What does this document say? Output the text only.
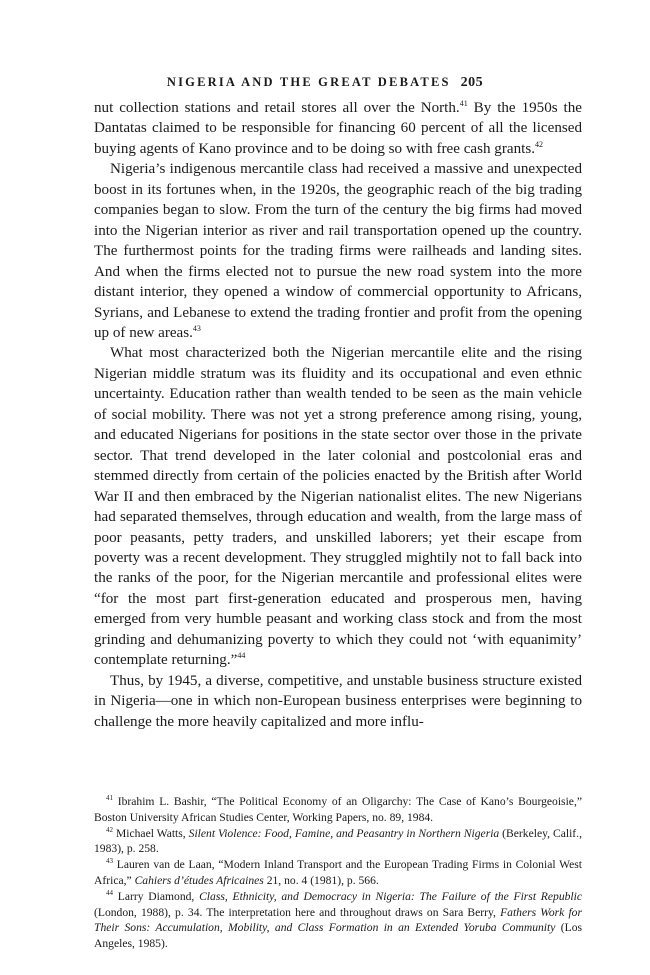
NIGERIA AND THE GREAT DEBATES 205

nut collection stations and retail stores all over the North.$^{41}$ By the 1950s the Dantatas claimed to be responsible for financing 60 percent of all the licensed buying agents of Kano province and to be doing so with free cash grants.$^{42}$

Nigeria’s indigenous mercantile class had received a massive and unexpected boost in its fortunes when, in the 1920s, the geographic reach of the big trading companies began to slow. From the turn of the century the big firms had moved into the Nigerian interior as river and rail transportation opened up the country. The furthermost points for the trading firms were railheads and landing sites. And when the firms elected not to pursue the new road system into the more distant interior, they opened a window of commercial opportunity to Africans, Syrians, and Lebanese to extend the trading frontier and profit from the opening up of new areas.$^{43}$

What most characterized both the Nigerian mercantile elite and the rising Nigerian middle stratum was its fluidity and its occupational and even ethnic uncertainty. Education rather than wealth tended to be seen as the main vehicle of social mobility. There was not yet a strong preference among rising, young, and educated Nigerians for positions in the state sector over those in the private sector. That trend developed in the later colonial and postcolonial eras and stemmed directly from certain of the policies enacted by the British after World War II and then embraced by the Nigerian nationalist elites. The new Nigerians had separated themselves, through education and wealth, from the large mass of poor peasants, petty traders, and unskilled laborers; yet their escape from poverty was a recent development. They struggled mightily not to fall back into the ranks of the poor, for the Nigerian mercantile and professional elites were “for the most part first-generation educated and prosperous men, having emerged from very humble peasant and working class stock and from the most grinding and dehumanizing poverty to which they could not ‘with equanimity’ contemplate returning.”$^{44}$

Thus, by 1945, a diverse, competitive, and unstable business structure existed in Nigeria—one in which non-European business enterprises were beginning to challenge the more heavily capitalized and more influ-

$^{41}$ Ibrahim L. Bashir, “The Political Economy of an Oligarchy: The Case of Kano’s Bourgeoisie,” Boston University African Studies Center, Working Papers, no. 89, 1984.

$^{42}$ Michael Watts, Silent Violence: Food, Famine, and Peasantry in Northern Nigeria (Berkeley, Calif., 1983), p. 258.

$^{43}$ Lauren van de Laan, “Modern Inland Transport and the European Trading Firms in Colonial West Africa,” Cahiers d’études Africaines 21, no. 4 (1981), p. 566.

$^{44}$ Larry Diamond, Class, Ethnicity, and Democracy in Nigeria: The Failure of the First Republic (London, 1988), p. 34. The interpretation here and throughout draws on Sara Berry, Fathers Work for Their Sons: Accumulation, Mobility, and Class Formation in an Extended Yoruba Community (Los Angeles, 1985).
